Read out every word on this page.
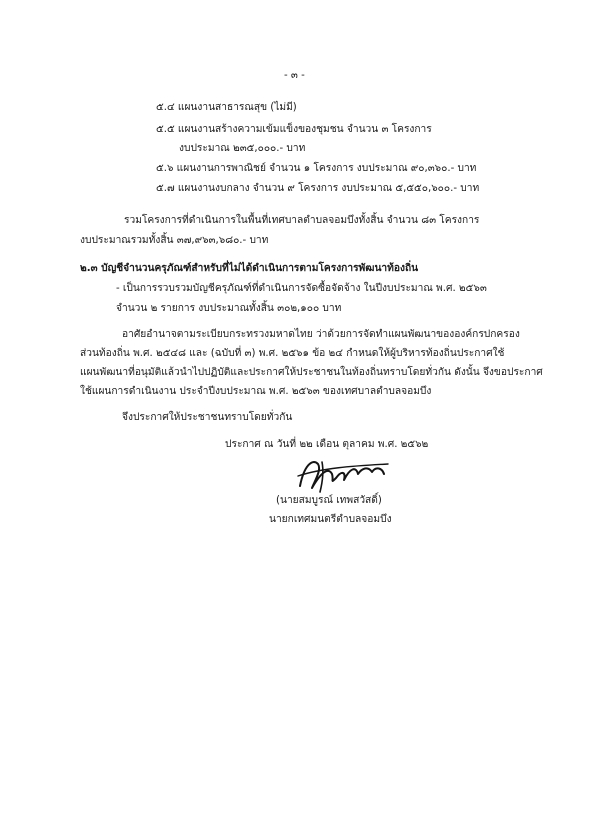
- ๓ -
๕.๔ แผนงานสาธารณสุข (ไม่มี)
๕.๕ แผนงานสร้างความเข้มแข็งของชุมชน จำนวน ๓ โครงการ
งบประมาณ ๒๓๕,๐๐๐.- บาท
๕.๖ แผนงานการพาณิชย์ จำนวน ๑ โครงการ งบประมาณ ๙๐,๓๖๐.- บาท
๕.๗ แผนงานงบกลาง จำนวน ๙ โครงการ งบประมาณ ๕,๕๕๐,๖๐๐.- บาท
รวมโครงการที่ดำเนินการในพื้นที่เทศบาลตำบลจอมบึงทั้งสิ้น จำนวน ๘๓ โครงการ
งบประมาณรวมทั้งสิ้น ๓๗,๙๖๓,๖๘๐.- บาท
๒.๓ บัญชีจำนวนครุภัณฑ์สำหรับที่ไม่ได้ดำเนินการตามโครงการพัฒนาท้องถิ่น
- เป็นการรวบรวมบัญชีครุภัณฑ์ที่ดำเนินการจัดซื้อจัดจ้าง ในปีงบประมาณ พ.ศ. ๒๕๖๓
จำนวน ๒ รายการ งบประมาณทั้งสิ้น ๓๐๒,๑๐๐ บาท
อาศัยอำนาจตามระเบียบกระทรวงมหาดไทย ว่าด้วยการจัดทำแผนพัฒนาขององค์กรปกครอง
ส่วนท้องถิ่น พ.ศ. ๒๕๔๘ และ (ฉบับที่ ๓) พ.ศ. ๒๕๖๑ ข้อ ๒๔ กำหนดให้ผู้บริหารท้องถิ่นประกาศใช้
แผนพัฒนาที่อนุมัติแล้วนำไปปฏิบัติและประกาศให้ประชาชนในท้องถิ่นทราบโดยทั่วกัน ดังนั้น จึงขอประกาศ
ใช้แผนการดำเนินงาน ประจำปีงบประมาณ พ.ศ. ๒๕๖๓ ของเทศบาลตำบลจอมบึง
จึงประกาศให้ประชาชนทราบโดยทั่วกัน
ประกาศ ณ วันที่ ๒๒ เดือน ตุลาคม พ.ศ. ๒๕๖๒
(นายสมบูรณ์ เทพสวัสดิ์)
นายกเทศมนตรีตำบลจอมบึง
